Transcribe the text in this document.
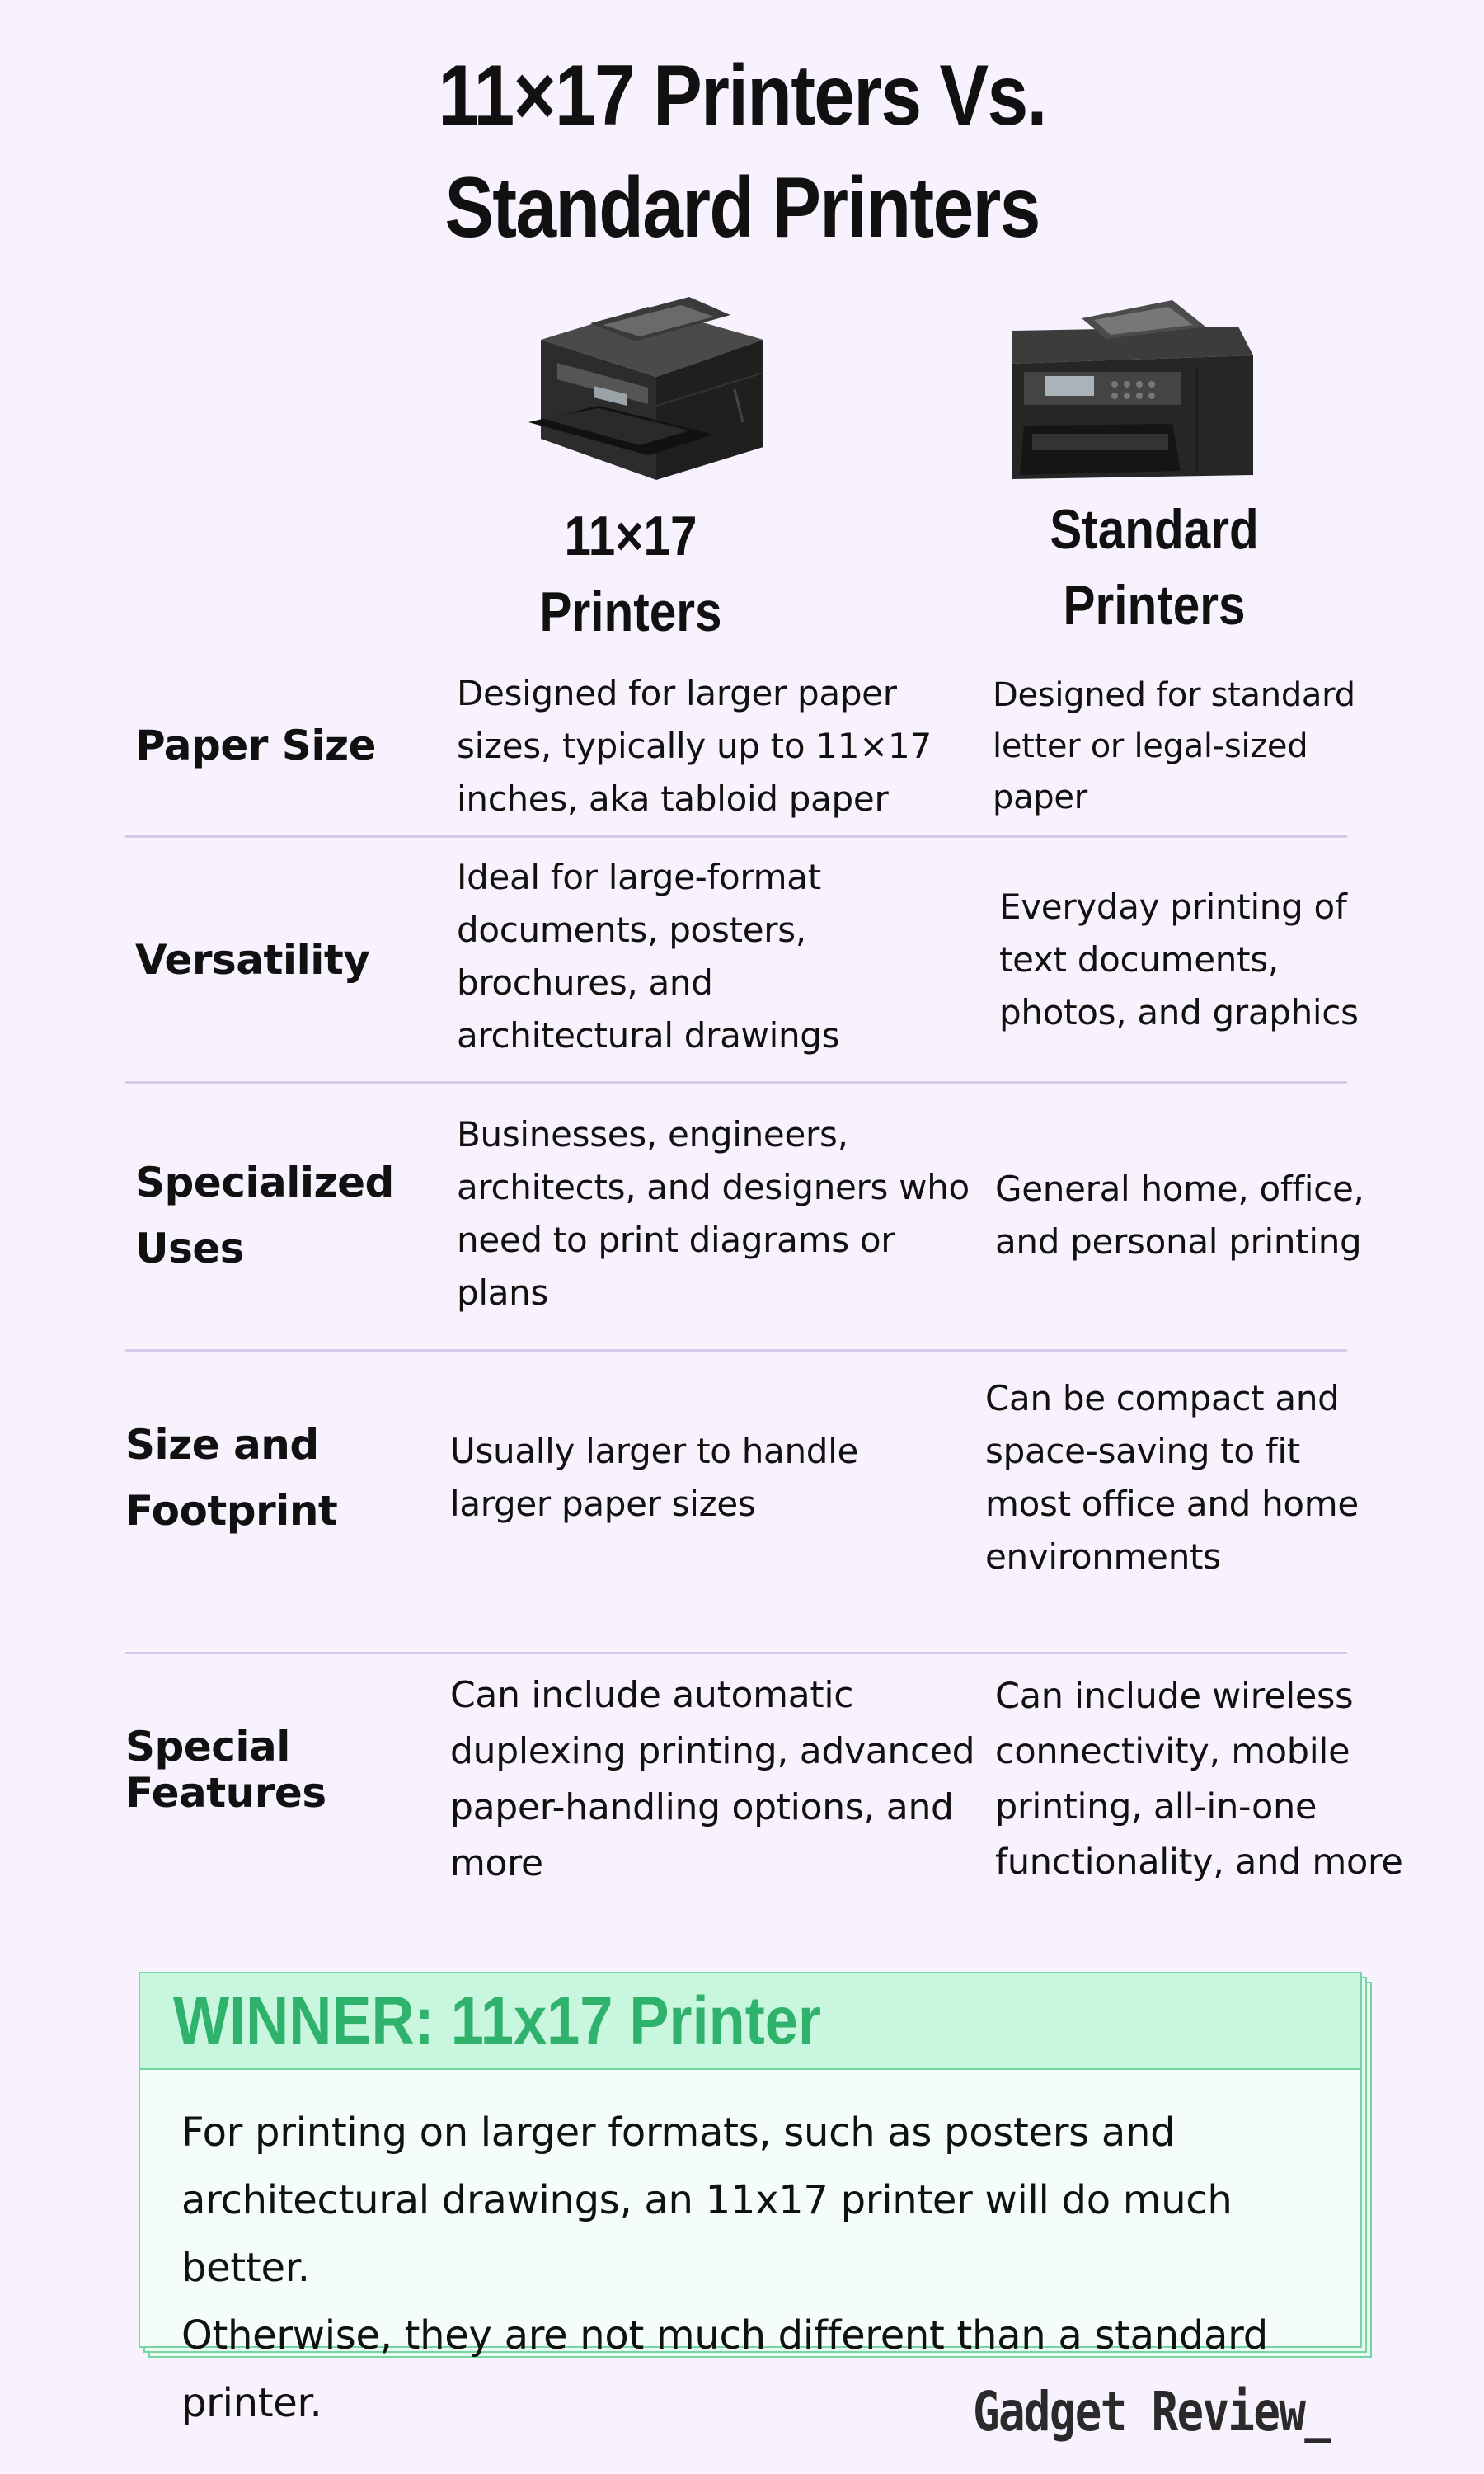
11×17 Printers Vs.
Standard Printers
11×17
Printers
Standard
Printers
Paper Size
Designed for larger paper
sizes, typically up to 11×17
inches, aka tabloid paper
Designed for standard
letter or legal-sized
paper
Versatility
Ideal for large-format
documents, posters,
brochures, and
architectural drawings
Everyday printing of
text documents,
photos, and graphics
Specialized
Uses
Businesses, engineers,
architects, and designers who
need to print diagrams or
plans
General home, office,
and personal printing
Size and
Footprint
Usually larger to handle
larger paper sizes
Can be compact and
space-saving to fit
most office and home
environments
Special
Features
Can include automatic
duplexing printing, advanced
paper-handling options, and
more
Can include wireless
connectivity, mobile
printing, all-in-one
functionality, and more
WINNER: 11x17 Printer
For printing on larger formats, such as posters and
architectural drawings, an 11x17 printer will do much better.
Otherwise, they are not much different than a standard printer.	Gadget Review_
